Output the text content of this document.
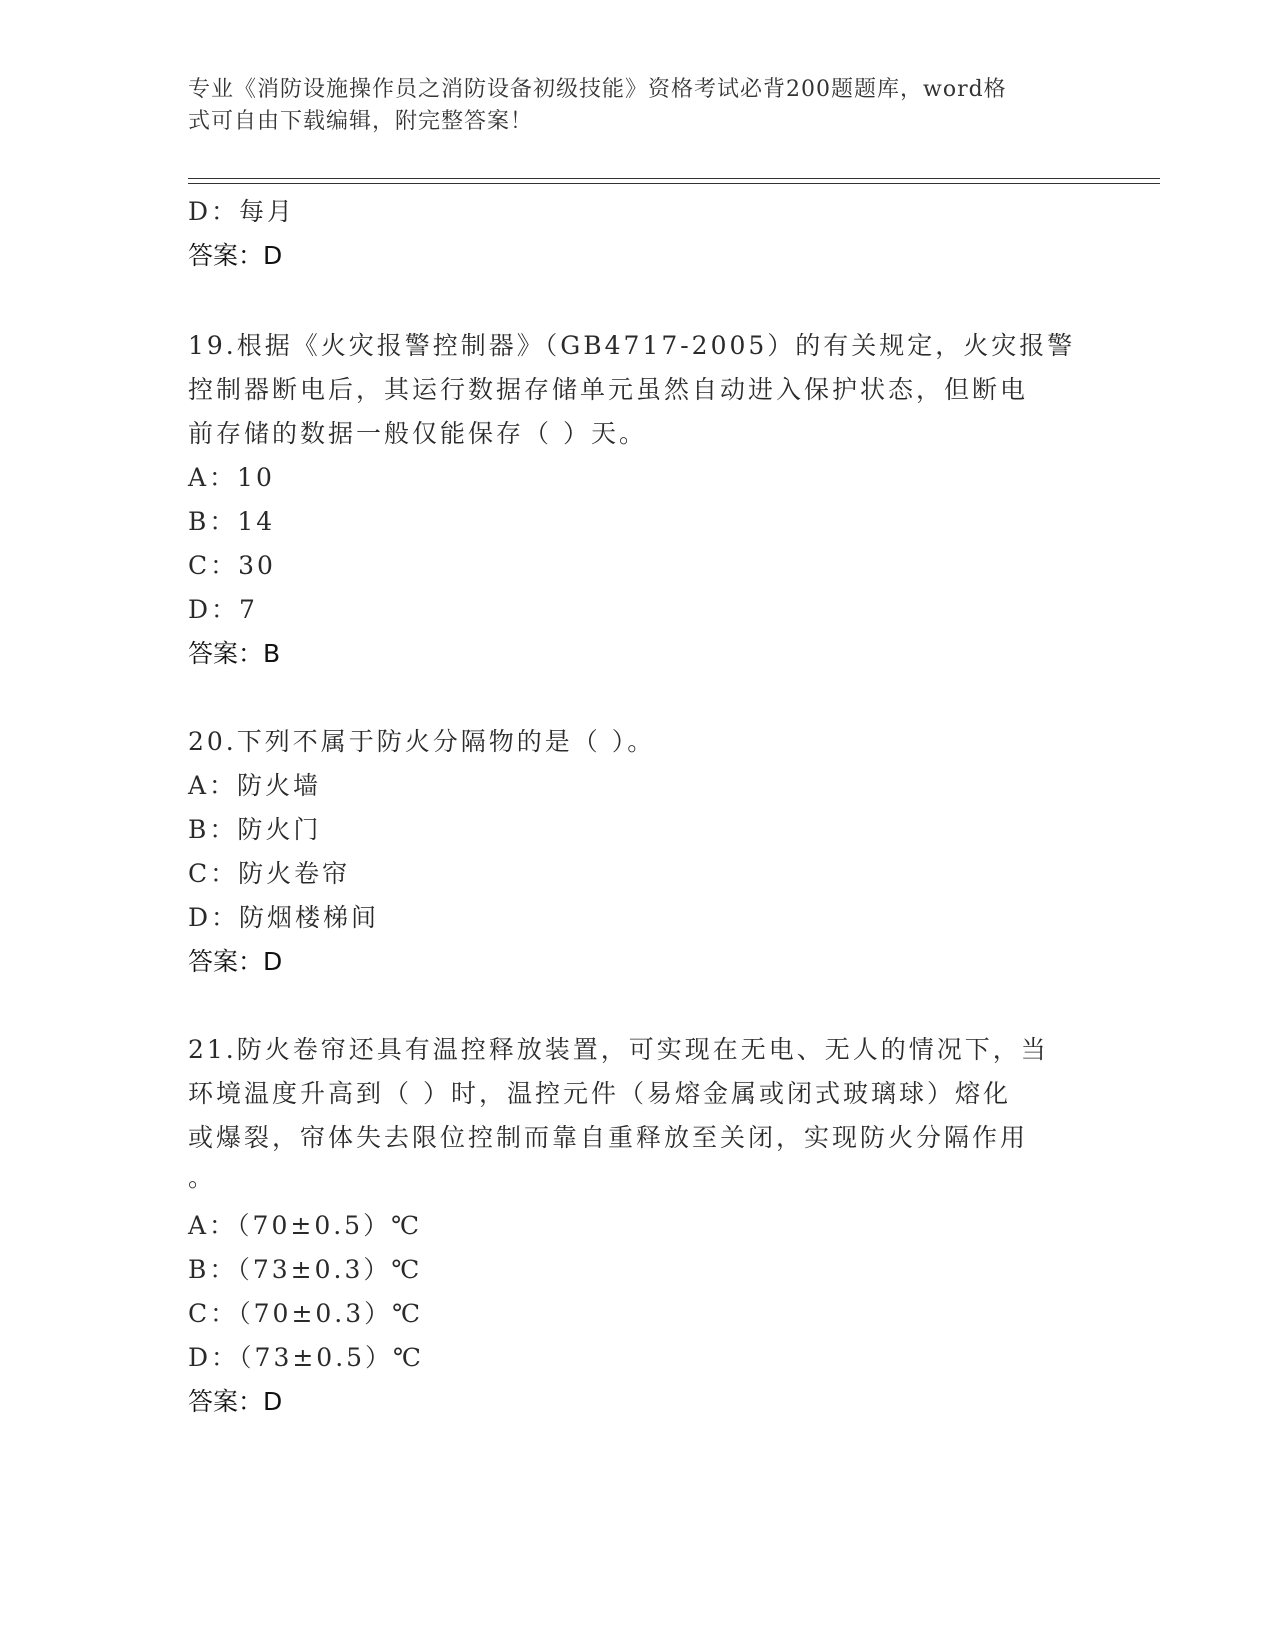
专业《消防设施操作员之消防设备初级技能》资格考试必背200题题库，word格
式可自由下载编辑，附完整答案！
D：每月
答案：D
19.根据《火灾报警控制器》（GB4717-2005）的有关规定，火灾报警
控制器断电后，其运行数据存储单元虽然自动进入保护状态，但断电
前存储的数据一般仅能保存（ ）天。
A：10
B：14
C：30
D：7
答案：B
20.下列不属于防火分隔物的是（ ）。
A：防火墙
B：防火门
C：防火卷帘
D：防烟楼梯间
答案：D
21.防火卷帘还具有温控释放装置，可实现在无电、无人的情况下，当
环境温度升高到（ ）时，温控元件（易熔金属或闭式玻璃球）熔化
或爆裂，帘体失去限位控制而靠自重释放至关闭，实现防火分隔作用
。
A：（70±0.5）℃
B：（73±0.3）℃
C：（70±0.3）℃
D：（73±0.5）℃
答案：D
